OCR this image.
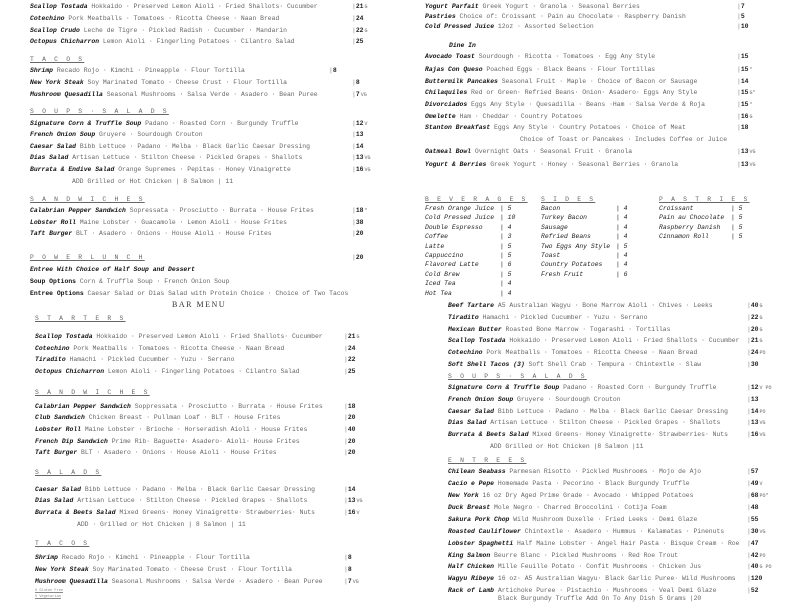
Scallop Tostada Hokkaido · Preserved Lemon Aioli · Fried Shallots· Cucumber	|21G
Cotechino Pork Meatballs · Tomatoes · Ricotta Cheese · Naan Bread	|24
Scallop Crudo Leche de Tigre · Pickled Radish · Cucumber · Mandarin	|22G
Octopus Chicharron Lemon Aioli · Fingerling Potatoes · Cilantro Salad	|25
T A C O S
Shrimp Recado Rojo · Kimchi · Pineapple · Flour Tortilla	|8
New York Steak Soy Marinated Tomato · Cheese Crust · Flour Tortilla	|8
Mushroom Quesadilla Seasonal Mushrooms · Salsa Verde · Asadero · Bean Puree	|7VG
S O U P S · S A L A D S
Signature Corn & Truffle Soup Padano · Roasted Corn · Burgundy Truffle	|12V
French Onion Soup Gruyere · Sourdough Crouton	|13
Caesar Salad Bibb Lettuce · Padano · Melba · Black Garlic Caesar Dressing	|14
Dias Salad Artisan Lettuce · Stilton Cheese · Pickled Grapes · Shallots	|13VG
Burrata & Endive Salad Orange Supremes · Pepitas · Honey Vinaigrette	|16VG
ADD Grilled or Hot Chicken | 8 Salmon | 11
S A N D W I C H E S
Calabrian Pepper Sandwich Sopressata · Prosciutto · Burrata · House Frites	|18*
Lobster Roll Maine Lobster · Guacamole · Lemon Aioli · House Frites	|38
Taft Burger BLT · Asadero · Onions · House Aioli · House Frites	|20
P O W E R L U N C H	|20
Entree With Choice of Half Soup and Dessert
Soup Options Corn & Truffle Soup · French Onion Soup
Entree Options Caesar Salad or Dias Salad with Protein Choice · Choice of Two Tacos
BAR MENU
S T A R T E R S
Scallop Tostada Hokkaido · Preserved Lemon Aioli · Fried Shallots· Cucumber	|21G
Cotechino Pork Meatballs · Tomatoes · Ricotta Cheese · Naan Bread	|24
Tiradito Hamachi · Pickled Cucumber · Yuzu · Serrano	|22
Octopus Chicharron Lemon Aioli · Fingerling Potatoes · Cilantro Salad	|25
S A N D W I C H E S
Calabrian Pepper Sandwich Soppressata · Prosciutto · Burrata · House Frites	|18
Club Sandwich Chicken Breast · Pullman Loaf · BLT · House Frites	|20
Lobster Roll Maine Lobster · Brioche · Horseradish Aioli · House Frites	|40
French Dip Sandwich Prime Rib· Baguette· Asadero· Aioli· House Frites	|20
Taft Burger BLT · Asadero · Onions · House Aioli · House Frites	|20
S A L A D S
Caesar Salad Bibb Lettuce · Padano · Melba · Black Garlic Caesar Dressing	|14
Dias Salad Artisan Lettuce · Stilton Cheese · Pickled Grapes · Shallots	|13VG
Burrata & Beets Salad Mixed Greens· Honey Vinaigrette· Strawberries· Nuts	|16V
ADD · Grilled or Hot Chicken | 8 Salmon | 11
T A C O S
Shrimp Recado Rojo · Kimchi · Pineapple · Flour Tortilla	|8
New York Steak Soy Marinated Tomato · Cheese Crust · Flour Tortilla	|8
Mushroom Quesadilla Seasonal Mushrooms · Salsa Verde · Asadero · Bean Puree	|7VG
G Gluten Free
V Vegetarian
Yogurt Parfait Greek Yogurt · Granola · Seasonal Berries	|7
Pastries Choice of: Croissant · Pain au Chocolate · Raspberry Danish	|5
Cold Pressed Juice 12oz · Assorted Selection	|10
Dine In
Avocado Toast Sourdough · Ricotta · Tomatoes · Egg Any Style	|15
Rajas Con Queso Poached Eggs · Black Beans · Flour Tortillas	|15*
Buttermilk Pancakes Seasonal Fruit · Maple · Choice of Bacon or Sausage	|14
Chilaquiles Red or Green· Refried Beans· Onion· Asadero· Eggs Any Style	|15G*
Divorciados Eggs Any Style · Quesadilla · Beans ·Ham · Salsa Verde & Roja	|15*
Omelette Ham · Cheddar · Country Potatoes	|16G
Stanton Breakfast Eggs Any Style · Country Potatoes · Choice of Meat	|18
Choice of Toast or Pancakes · Includes Coffee or Juice
Oatmeal Bowl Overnight Oats · Seasonal Fruit · Granola	|13VG
Yogurt & Berries Greek Yogurt · Honey · Seasonal Berries · Granola	|13VG
Beef Tartare A5 Australian Wagyu · Bone Marrow Aioli · Chives · Leeks	|40G
Tiradito Hamachi · Pickled Cucumber · Yuzu · Serrano	|22G
Mexican Butter Roasted Bone Marrow · Togarashi · Tortillas	|20G
Scallop Tostada Hokkaido · Preserved Lemon Aioli · Fried Shallots · Cucumber |21G
Cotechino Pork Meatballs · Tomatoes · Ricotta Cheese · Naan Bread	|24PO
Soft Shell Tacos (3) Soft Shell Crab · Tempura · Chintextle · Slaw	|30
S O U P S · S A L A D S
Signature Corn & Truffle Soup Padano · Roasted Corn · Burgundy Truffle	|12V PO
French Onion Soup Gruyere · Sourdough Crouton	|13
Caesar Salad Bibb Lettuce · Padano · Melba · Black Garlic Caesar Dressing	|14PO
Dias Salad Artisan Lettuce · Stilton Cheese · Pickled Grapes · Shallots	|13VG
Burrata & Beets Salad Mixed Greens· Honey Vinaigrette· Strawberries· Nuts	|16VG
ADD Grilled or Hot Chicken |8 Salmon |11
E N T R E E S
Chilean Seabass Parmesan Risotto · Pickled Mushrooms · Mojo de Ajo	|57
Cacio e Pepe Homemade Pasta · Pecorino · Black Burgundy Truffle	|49V
New York 16 oz Dry Aged Prime Grade · Avocado · Whipped Potatoes	|68PO*
Duck Breast Mole Negro · Charred Broccolini · Cotija Foam	|48
Sakura Pork Chop Wild Mushroom Duxelle · Fried Leeks · Demi Glaze	|55
Roasted Cauliflower Chintextle · Asadero · Hummus · Kalamatas · Pinenuts	|30VG
Lobster Spaghetti Half Maine Lobster · Angel Hair Pasta · Bisque Cream · Roe |47
King Salmon Beurre Blanc · Pickled Mushrooms · Red Roe Trout	|42PO
Half Chicken Mille Feuille Potato · Confit Mushrooms · Chicken Jus	|40G PO
Wagyu Ribeye 16 oz· A5 Australian Wagyu· Black Garlic Puree· Wild Mushrooms |120
Rack of Lamb Artichoke Puree · Pistachio · Mushrooms · Veal Demi Glaze	|52
Black Burgundy Truffle Add On To Any Dish 5 Grams |20
B E V E R A G E S
Fresh Orange Juice | 5
Cold Pressed Juice | 10
Double Espresso	| 4
Coffee	| 3
Latte	| 5
Cappuccino	| 5
Flavored Latte	| 6
Cold Brew	| 5
Iced Tea	| 4
Hot Tea	| 4
S I D E S
Bacon	| 4
Turkey Bacon	| 4
Sausage	| 4
Refried Beans	| 4
Two Eggs Any Style | 5
Toast	| 4
Country Potatoes | 4
Fresh Fruit	| 6
P A S T R I E S
Croissant	| 5
Pain au Chocolate | 5
Raspberry Danish | 5
Cinnamon Roll	| 5
